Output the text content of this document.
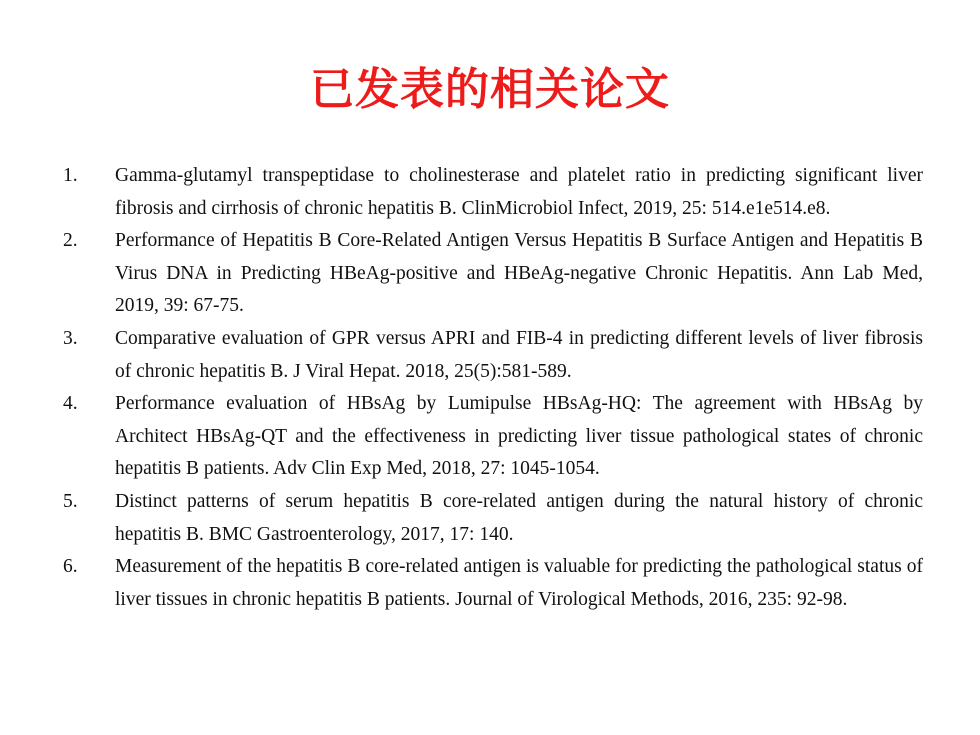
已发表的相关论文
1. Gamma-glutamyl transpeptidase to cholinesterase and platelet ratio in predicting significant liver fibrosis and cirrhosis of chronic hepatitis B. ClinMicrobiol Infect, 2019, 25: 514.e1e514.e8.
2. Performance of Hepatitis B Core-Related Antigen Versus Hepatitis B Surface Antigen and Hepatitis B Virus DNA in Predicting HBeAg-positive and HBeAg-negative Chronic Hepatitis. Ann Lab Med, 2019, 39: 67-75.
3. Comparative evaluation of GPR versus APRI and FIB-4 in predicting different levels of liver fibrosis of chronic hepatitis B. J Viral Hepat. 2018, 25(5):581-589.
4. Performance evaluation of HBsAg by Lumipulse HBsAg-HQ: The agreement with HBsAg by Architect HBsAg-QT and the effectiveness in predicting liver tissue pathological states of chronic hepatitis B patients. Adv Clin Exp Med, 2018, 27: 1045-1054.
5. Distinct patterns of serum hepatitis B core-related antigen during the natural history of chronic hepatitis B. BMC Gastroenterology, 2017, 17: 140.
6. Measurement of the hepatitis B core-related antigen is valuable for predicting the pathological status of liver tissues in chronic hepatitis B patients. Journal of Virological Methods, 2016, 235: 92-98.
